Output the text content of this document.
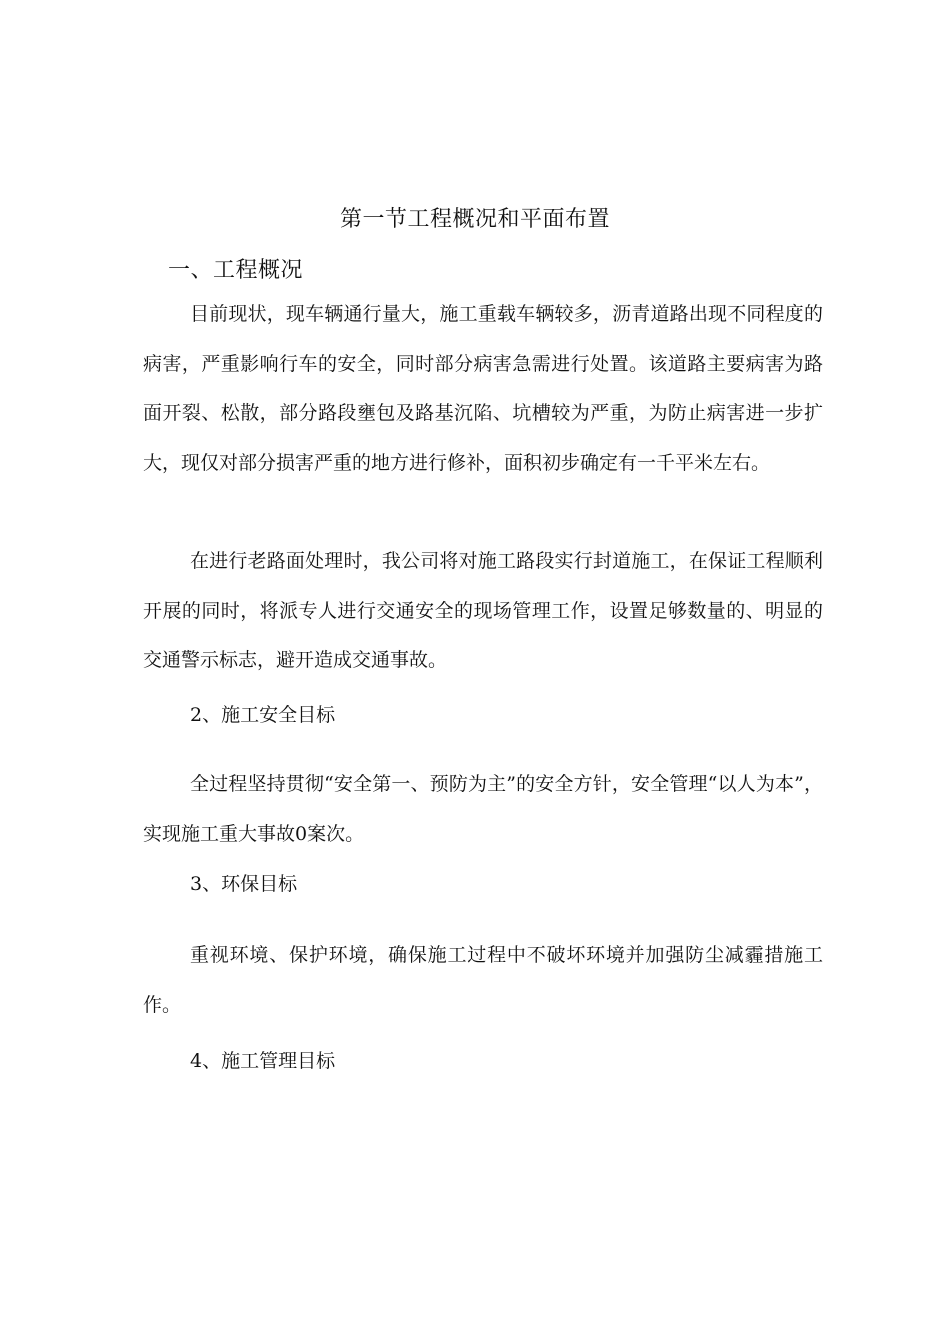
第一节工程概况和平面布置
一、工程概况

目前现状，现车辆通行量大，施工重载车辆较多，沥青道路出现不同程度的病害，严重影响行车的安全，同时部分病害急需进行处置。该道路主要病害为路面开裂、松散，部分路段壅包及路基沉陷、坑槽较为严重，为防止病害进一步扩大，现仅对部分损害严重的地方进行修补，面积初步确定有一千平米左右。

在进行老路面处理时，我公司将对施工路段实行封道施工，在保证工程顺利开展的同时，将派专人进行交通安全的现场管理工作，设置足够数量的、明显的交通警示标志，避开造成交通事故。

2、施工安全目标

全过程坚持贯彻“安全第一、预防为主”的安全方针，安全管理“以人为本”，实现施工重大事故0案次。

3、环保目标

重视环境、保护环境，确保施工过程中不破坏环境并加强防尘减霾措施工作。

4、施工管理目标
